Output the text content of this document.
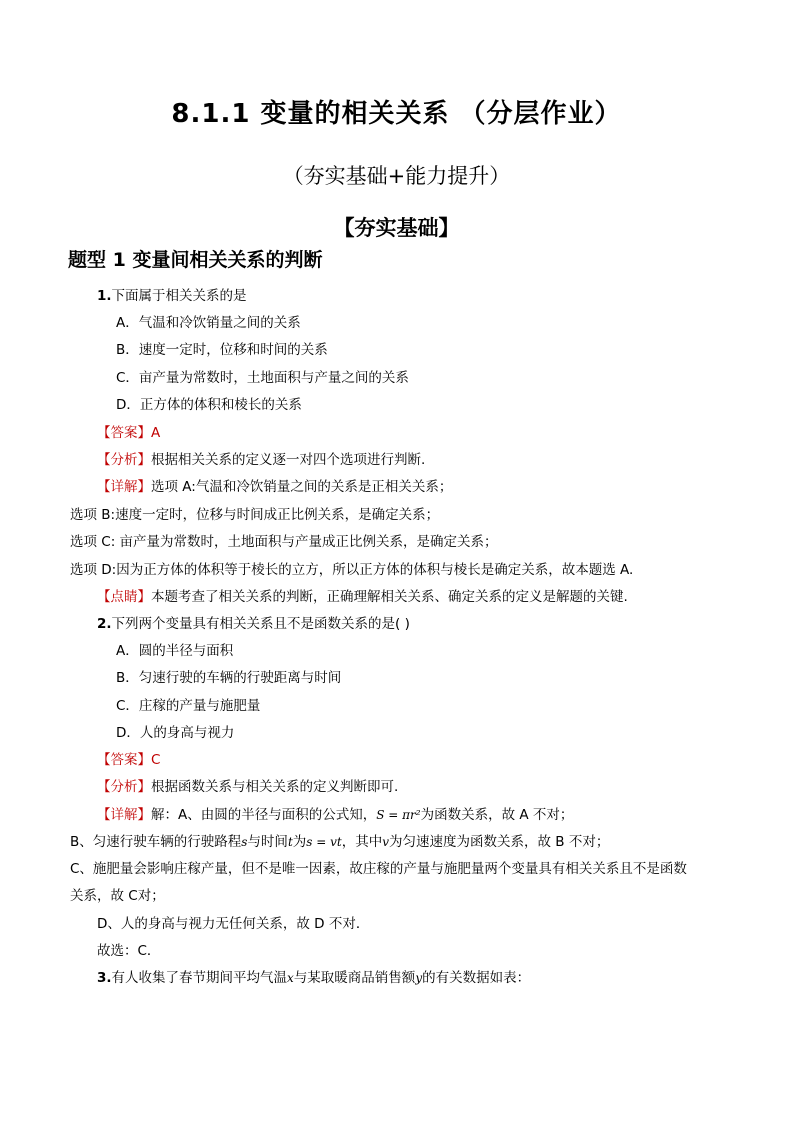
8.1.1 变量的相关关系 （分层作业）
（夯实基础+能力提升）
【夯实基础】
题型 1 变量间相关关系的判断
1.下面属于相关关系的是
A．气温和冷饮销量之间的关系
B．速度一定时，位移和时间的关系
C．亩产量为常数时，土地面积与产量之间的关系
D．正方体的体积和棱长的关系
【答案】A
【分析】根据相关关系的定义逐一对四个选项进行判断.
【详解】选项 A:气温和冷饮销量之间的关系是正相关关系；
选项 B:速度一定时，位移与时间成正比例关系，是确定关系；
选项 C: 亩产量为常数时，土地面积与产量成正比例关系，是确定关系；
选项 D:因为正方体的体积等于棱长的立方，所以正方体的体积与棱长是确定关系，故本题选 A.
【点睛】本题考查了相关关系的判断，正确理解相关关系、确定关系的定义是解题的关键.
2.下列两个变量具有相关关系且不是函数关系的是( )
A．圆的半径与面积
B．匀速行驶的车辆的行驶距离与时间
C．庄稼的产量与施肥量
D．人的身高与视力
【答案】C
【分析】根据函数关系与相关关系的定义判断即可.
【详解】解：A、由圆的半径与面积的公式知，S = πr²为函数关系，故 A 不对；
B、匀速行驶车辆的行驶路程s与时间t为s = vt，其中v为匀速速度为函数关系，故 B 不对；
C、施肥量会影响庄稼产量，但不是唯一因素，故庄稼的产量与施肥量两个变量具有相关关系且不是函数
关系，故 C对；
D、人的身高与视力无任何关系，故 D 不对．
故选：C．
3.有人收集了春节期间平均气温x与某取暖商品销售额y的有关数据如表：
